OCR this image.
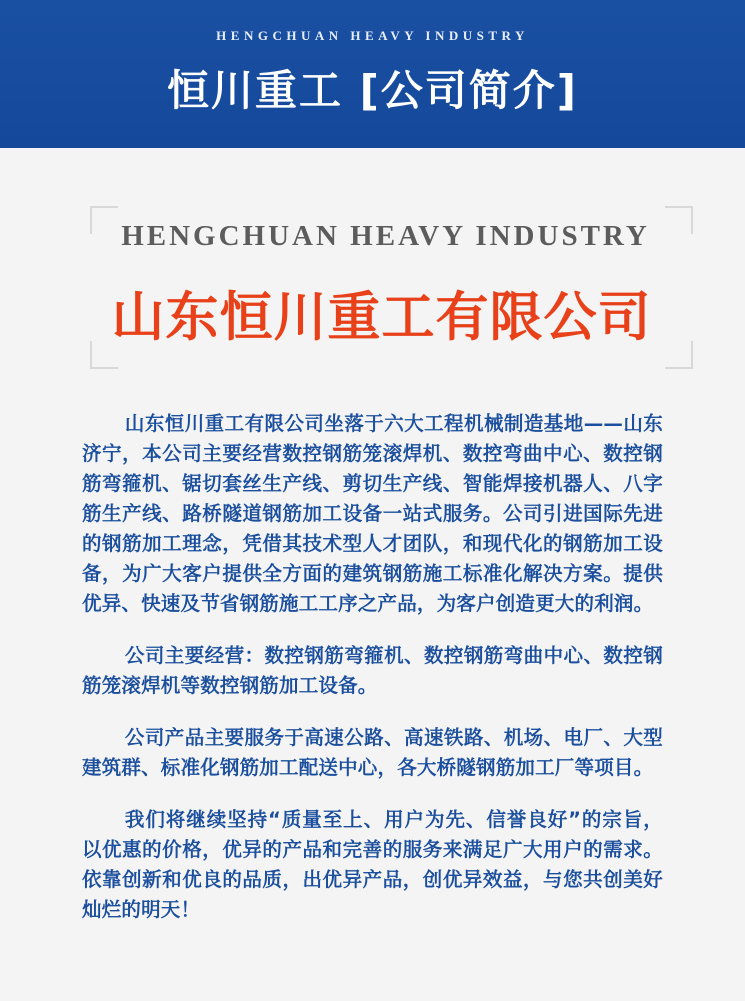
HENGCHUAN HEAVY INDUSTRY
恒川重工 [公司简介]
HENGCHUAN HEAVY INDUSTRY
山东恒川重工有限公司

山东恒川重工有限公司坐落于六大工程机械制造基地——山东济宁，本公司主要经营数控钢筋笼滚焊机、数控弯曲中心、数控钢筋弯箍机、锯切套丝生产线、剪切生产线、智能焊接机器人、八字筋生产线、路桥隧道钢筋加工设备一站式服务。公司引进国际先进的钢筋加工理念，凭借其技术型人才团队，和现代化的钢筋加工设备，为广大客户提供全方面的建筑钢筋施工标准化解决方案。提供优异、快速及节省钢筋施工工序之产品，为客户创造更大的利润。

公司主要经营：数控钢筋弯箍机、数控钢筋弯曲中心、数控钢筋笼滚焊机等数控钢筋加工设备。

公司产品主要服务于高速公路、高速铁路、机场、电厂、大型建筑群、标准化钢筋加工配送中心，各大桥隧钢筋加工厂等项目。

我们将继续坚持“质量至上、用户为先、信誉良好”的宗旨，以优惠的价格，优异的产品和完善的服务来满足广大用户的需求。依靠创新和优良的品质，出优异产品，创优异效益，与您共创美好灿烂的明天！
